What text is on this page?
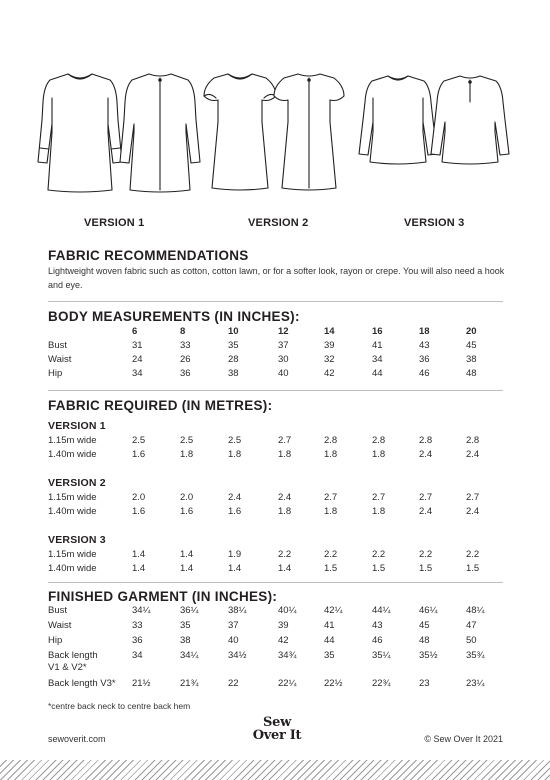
VERSION 1	VERSION 2	VERSION 3
FABRIC RECOMMENDATIONS
Lightweight woven fabric such as cotton, cotton lawn, or for a softer look, rayon or crepe. You will also need a hook and eye.
BODY MEASUREMENTS (IN INCHES):
6	8	10	12	14	16	18	20
Bust	31	33	35	37	39	41	43	45
Waist	24	26	28	30	32	34	36	38
Hip	34	36	38	40	42	44	46	48
FABRIC REQUIRED (IN METRES):
VERSION 1
1.15m wide	2.5	2.5	2.5	2.7	2.8	2.8	2.8	2.8
1.40m wide	1.6	1.8	1.8	1.8	1.8	1.8	2.4	2.4
VERSION 2
1.15m wide	2.0	2.0	2.4	2.4	2.7	2.7	2.7	2.7
1.40m wide	1.6	1.6	1.6	1.8	1.8	1.8	2.4	2.4
VERSION 3
1.15m wide	1.4	1.4	1.9	2.2	2.2	2.2	2.2	2.2
1.40m wide	1.4	1.4	1.4	1.4	1.5	1.5	1.5	1.5
FINISHED GARMENT (IN INCHES):
Bust	34¼	36¼	38¼	40¼	42¼	44¼	46¼	48¼
Waist	33	35	37	39	41	43	45	47
Hip	36	38	40	42	44	46	48	50
Back length	34	34¼	34½	34¾	35	35¼	35½	35¾
V1 & V2*
Back length V3* 21½	21¾	22	22¼	22½	22¾	23	23¼
*centre back neck to centre back hem
sewoverit.com
Sew
Over It	© Sew Over It 2021
